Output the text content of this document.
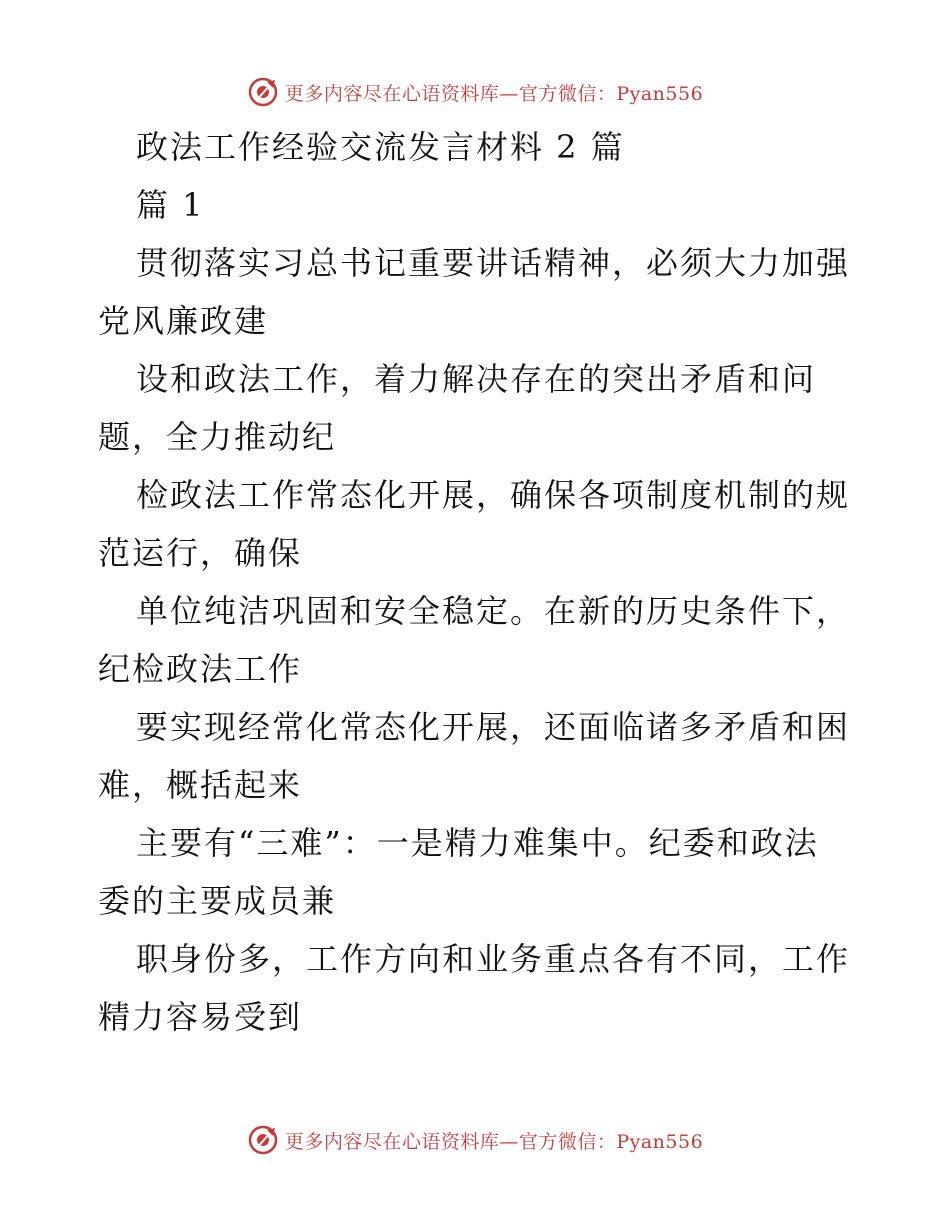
更多内容尽在心语资料库—官方微信：Pyan556
政法工作经验交流发言材料 2 篇
篇 1
贯彻落实习总书记重要讲话精神，必须大力加强
党风廉政建
设和政法工作，着力解决存在的突出矛盾和问
题，全力推动纪
检政法工作常态化开展，确保各项制度机制的规
范运行，确保
单位纯洁巩固和安全稳定。在新的历史条件下，
纪检政法工作
要实现经常化常态化开展，还面临诸多矛盾和困
难，概括起来
主要有“三难”：一是精力难集中。纪委和政法
委的主要成员兼
职身份多，工作方向和业务重点各有不同，工作
精力容易受到
更多内容尽在心语资料库—官方微信：Pyan556
